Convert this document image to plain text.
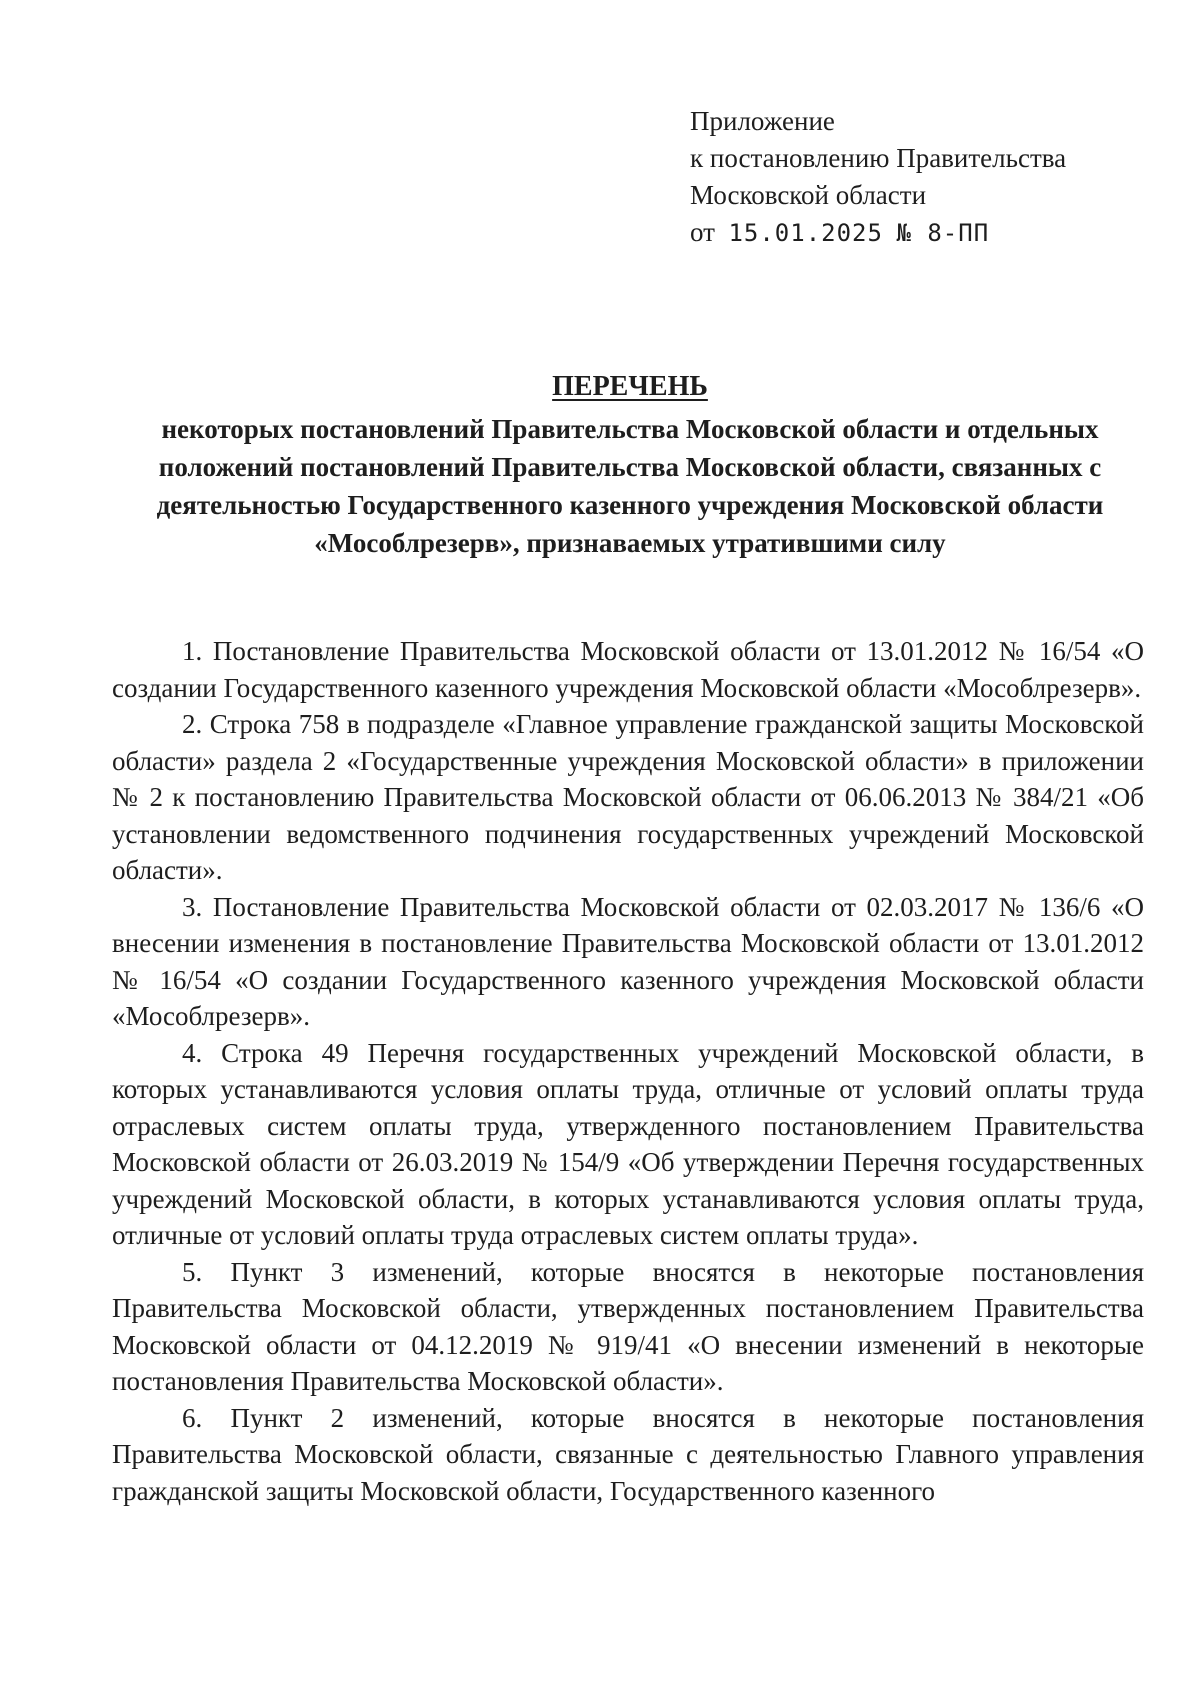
Приложение
к постановлению Правительства
Московской области
от 15.01.2025 № 8-ПП
ПЕРЕЧЕНЬ
некоторых постановлений Правительства Московской области и отдельных положений постановлений Правительства Московской области, связанных с деятельностью Государственного казенного учреждения Московской области «Мособлрезерв», признаваемых утратившими силу

1. Постановление Правительства Московской области от 13.01.2012 № 16/54 «О создании Государственного казенного учреждения Московской области «Мособлрезерв».

2. Строка 758 в подразделе «Главное управление гражданской защиты Московской области» раздела 2 «Государственные учреждения Московской области» в приложении № 2 к постановлению Правительства Московской области от 06.06.2013 № 384/21 «Об установлении ведомственного подчинения государственных учреждений Московской области».

3. Постановление Правительства Московской области от 02.03.2017 № 136/6 «О внесении изменения в постановление Правительства Московской области от 13.01.2012 № 16/54 «О создании Государственного казенного учреждения Московской области «Мособлрезерв».

4. Строка 49 Перечня государственных учреждений Московской области, в которых устанавливаются условия оплаты труда, отличные от условий оплаты труда отраслевых систем оплаты труда, утвержденного постановлением Правительства Московской области от 26.03.2019 № 154/9 «Об утверждении Перечня государственных учреждений Московской области, в которых устанавливаются условия оплаты труда, отличные от условий оплаты труда отраслевых систем оплаты труда».

5. Пункт 3 изменений, которые вносятся в некоторые постановления Правительства Московской области, утвержденных постановлением Правительства Московской области от 04.12.2019 № 919/41 «О внесении изменений в некоторые постановления Правительства Московской области».

6. Пункт 2 изменений, которые вносятся в некоторые постановления Правительства Московской области, связанные с деятельностью Главного управления гражданской защиты Московской области, Государственного казенного
